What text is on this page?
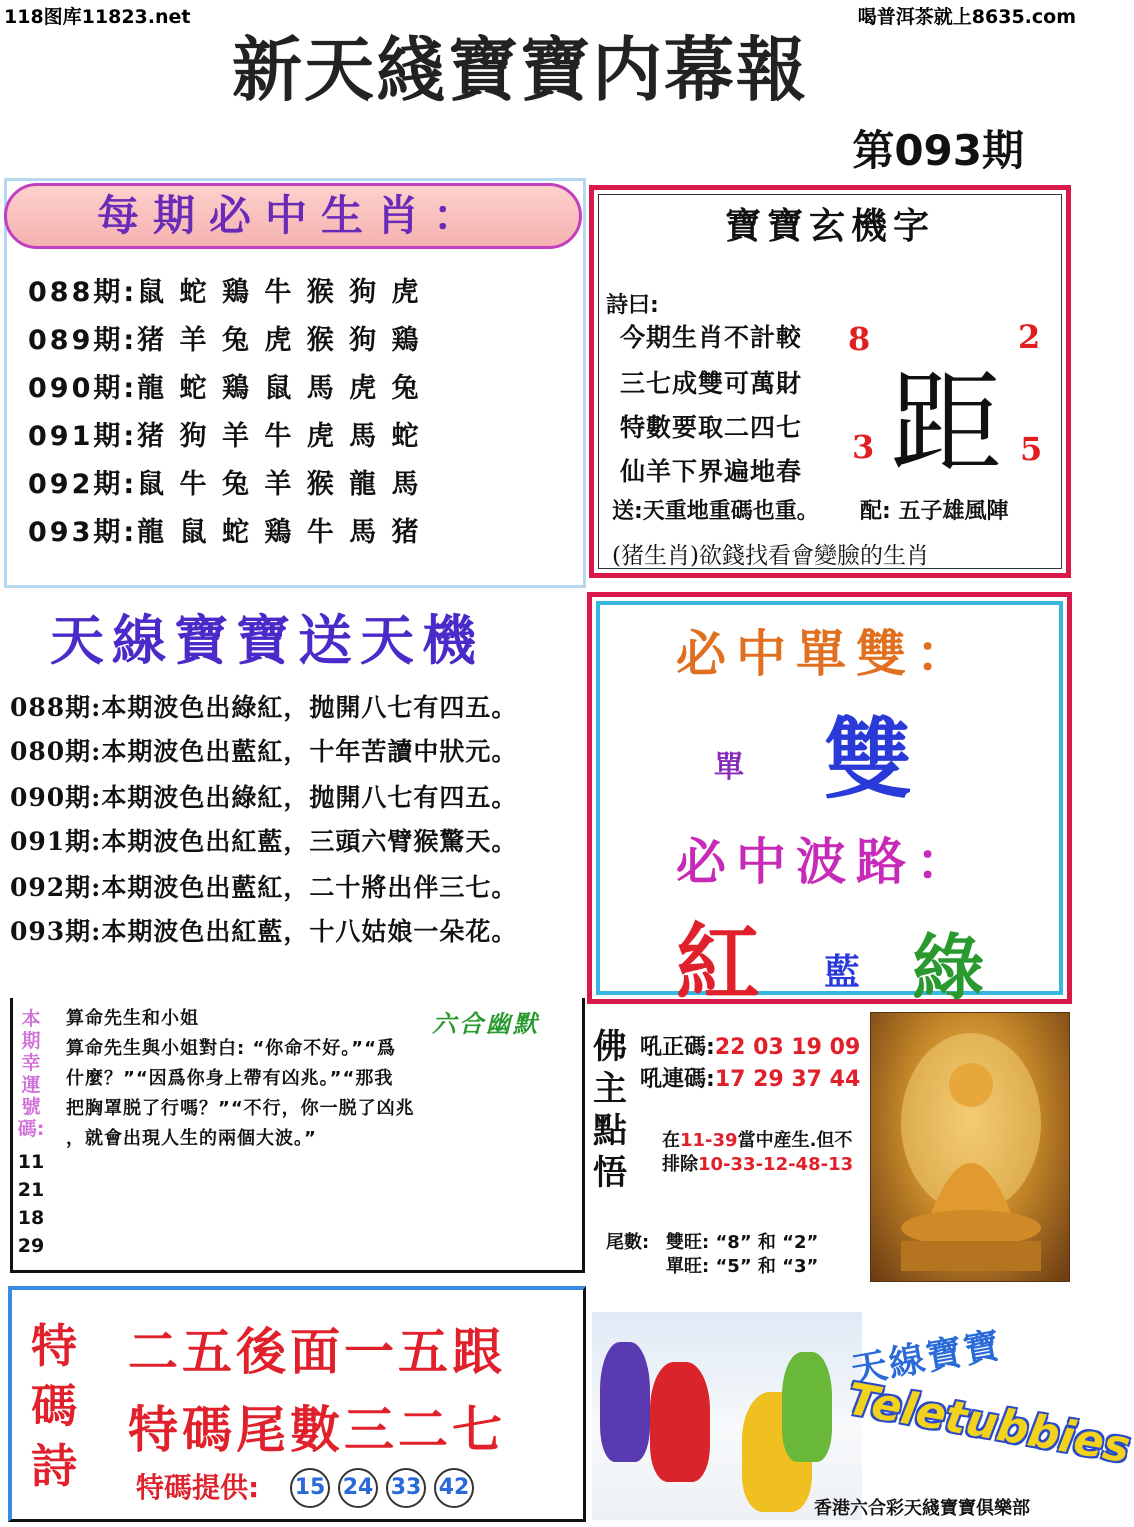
118图库11823.net	喝普洱茶就上8635.com
新天綫寶寶内幕報
第093期
每期必中生肖：
088期:鼠 蛇 鶏 牛 猴 狗 虎
089期:猪 羊 兔 虎 猴 狗 鶏
090期:龍 蛇 鶏 鼠 馬 虎 兔
091期:猪 狗 羊 牛 虎 馬 蛇
092期:鼠 牛 兔 羊 猴 龍 馬
093期:龍 鼠 蛇 鶏 牛 馬 猪
寶寶玄機字
詩曰:
今期生肖不計較
三七成雙可萬財
特數要取二四七
仙羊下界遍地春 距
8	2
3	5
送:天重地重碼也重。 配: 五子雄風陣
(猪生肖)欲錢找看會變臉的生肖
天線寶寶送天機
088期:本期波色出綠紅，抛開八七有四五。
080期:本期波色出藍紅，十年苦讀中狀元。
090期:本期波色出綠紅，抛開八七有四五。
091期:本期波色出紅藍，三頭六臂猴驚天。
092期:本期波色出藍紅，二十將出伴三七。
093期:本期波色出紅藍，十八姑娘一朵花。
必中單雙：
單 雙
必中波路：
紅 藍 綠
本期幸運號碼:
11 21 18 29
算命先生和小姐
算命先生與小姐對白: “你命不好。”“爲
什麼？”“因爲你身上帶有凶兆。”“那我
把胸罩脱了行嗎？”“不行，你一脱了凶兆
，就會出現人生的兩個大波。”
六合幽默
佛主點悟
吼正碼:22 03 19 09
吼連碼:17 29 37 44
在11-39當中産生.但不
排除10-33-12-48-13
尾數: 雙旺: “8” 和 “2”
單旺: “5” 和 “3”
特碼詩
二五後面一五跟
特碼尾數三二七
特碼提供: 15 24 33 42
天線寶寶
Teletubbies
香港六合彩天綫寶寶俱樂部
